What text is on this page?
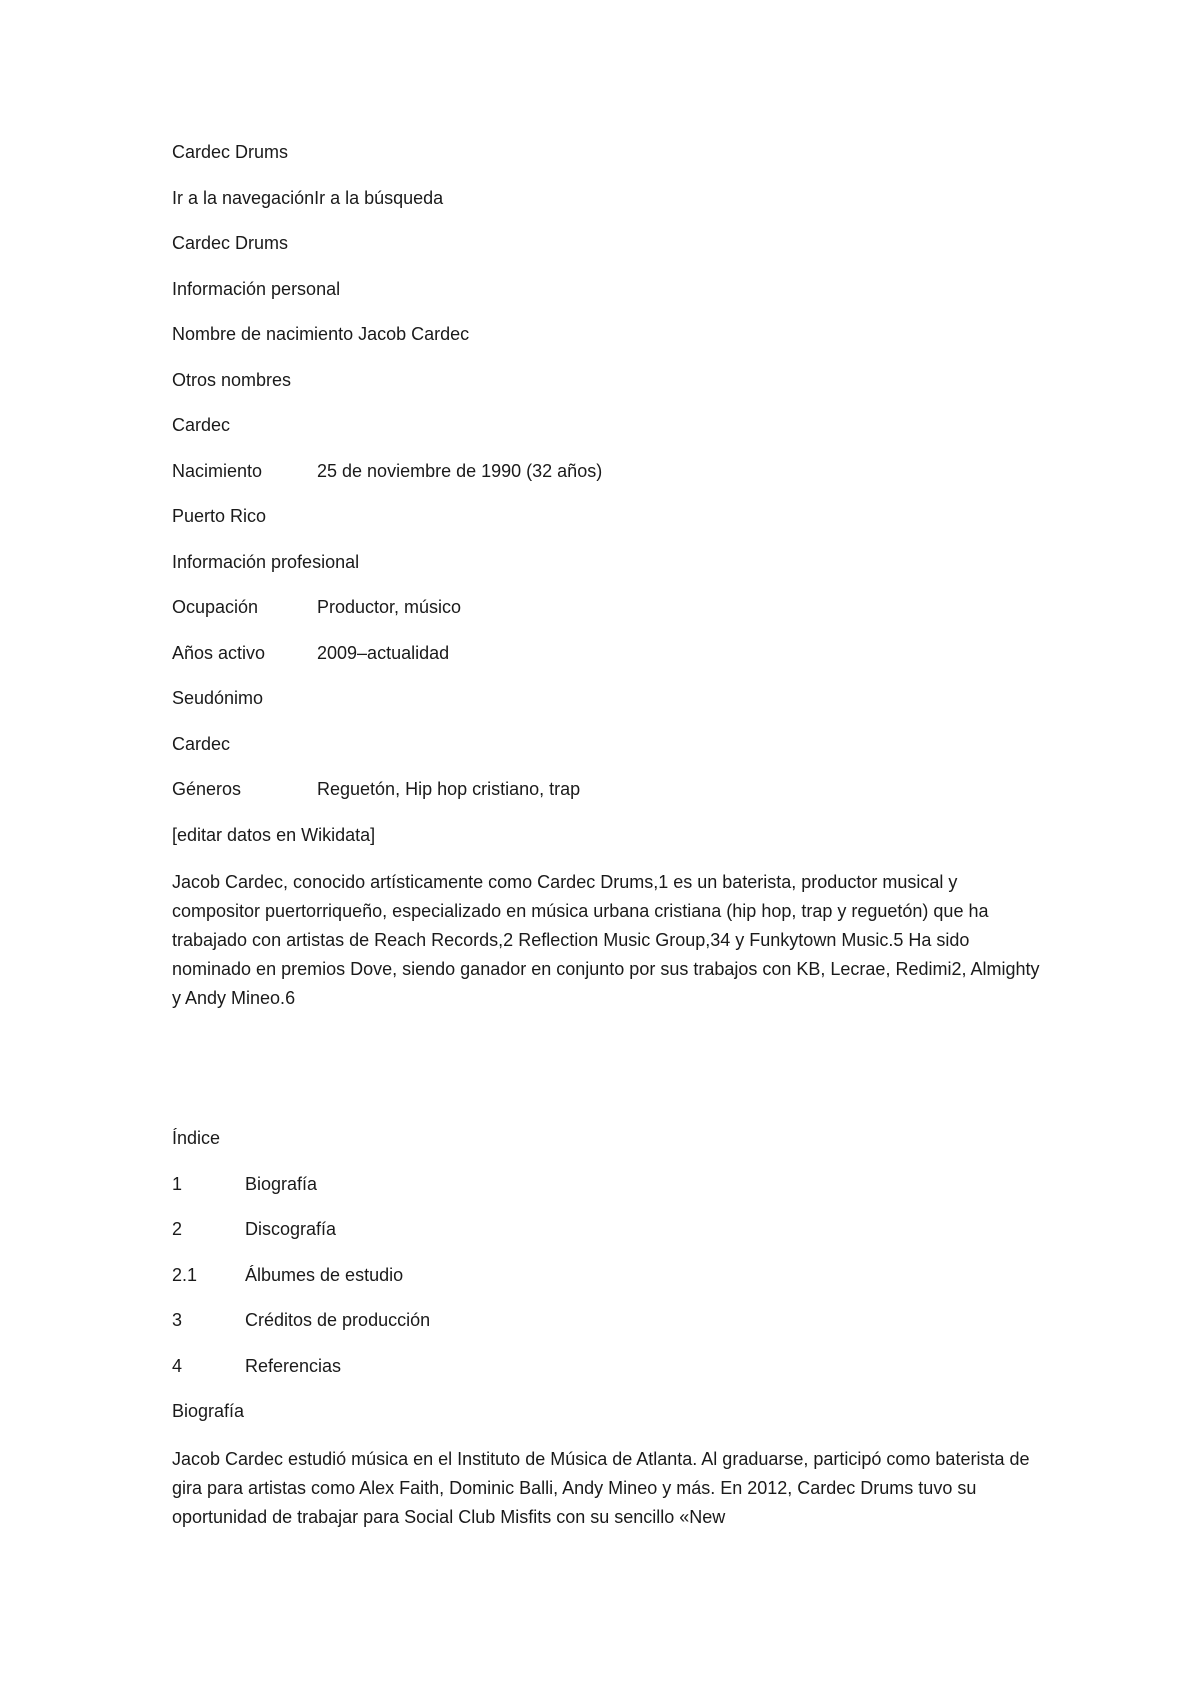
Cardec Drums
Ir a la navegaciónIr a la búsqueda
Cardec Drums
Información personal
Nombre de nacimiento Jacob Cardec
Otros nombres
Cardec
Nacimiento	25 de noviembre de 1990 (32 años)
Puerto Rico
Información profesional
Ocupación	Productor, músico
Años activo	2009–actualidad
Seudónimo
Cardec
Géneros	Reguetón, Hip hop cristiano, trap
[editar datos en Wikidata]
Jacob Cardec, conocido artísticamente como Cardec Drums,1 es un baterista, productor musical y compositor puertorriqueño, especializado en música urbana cristiana (hip hop, trap y reguetón) que ha trabajado con artistas de Reach Records,2 Reflection Music Group,34 y Funkytown Music.5 Ha sido nominado en premios Dove, siendo ganador en conjunto por sus trabajos con KB, Lecrae, Redimi2, Almighty y Andy Mineo.6
Índice
1	Biografía
2	Discografía
2.1	Álbumes de estudio
3	Créditos de producción
4	Referencias
Biografía
Jacob Cardec estudió música en el Instituto de Música de Atlanta. Al graduarse, participó como baterista de gira para artistas como Alex Faith, Dominic Balli, Andy Mineo y más. En 2012, Cardec Drums tuvo su oportunidad de trabajar para Social Club Misfits con su sencillo «New
